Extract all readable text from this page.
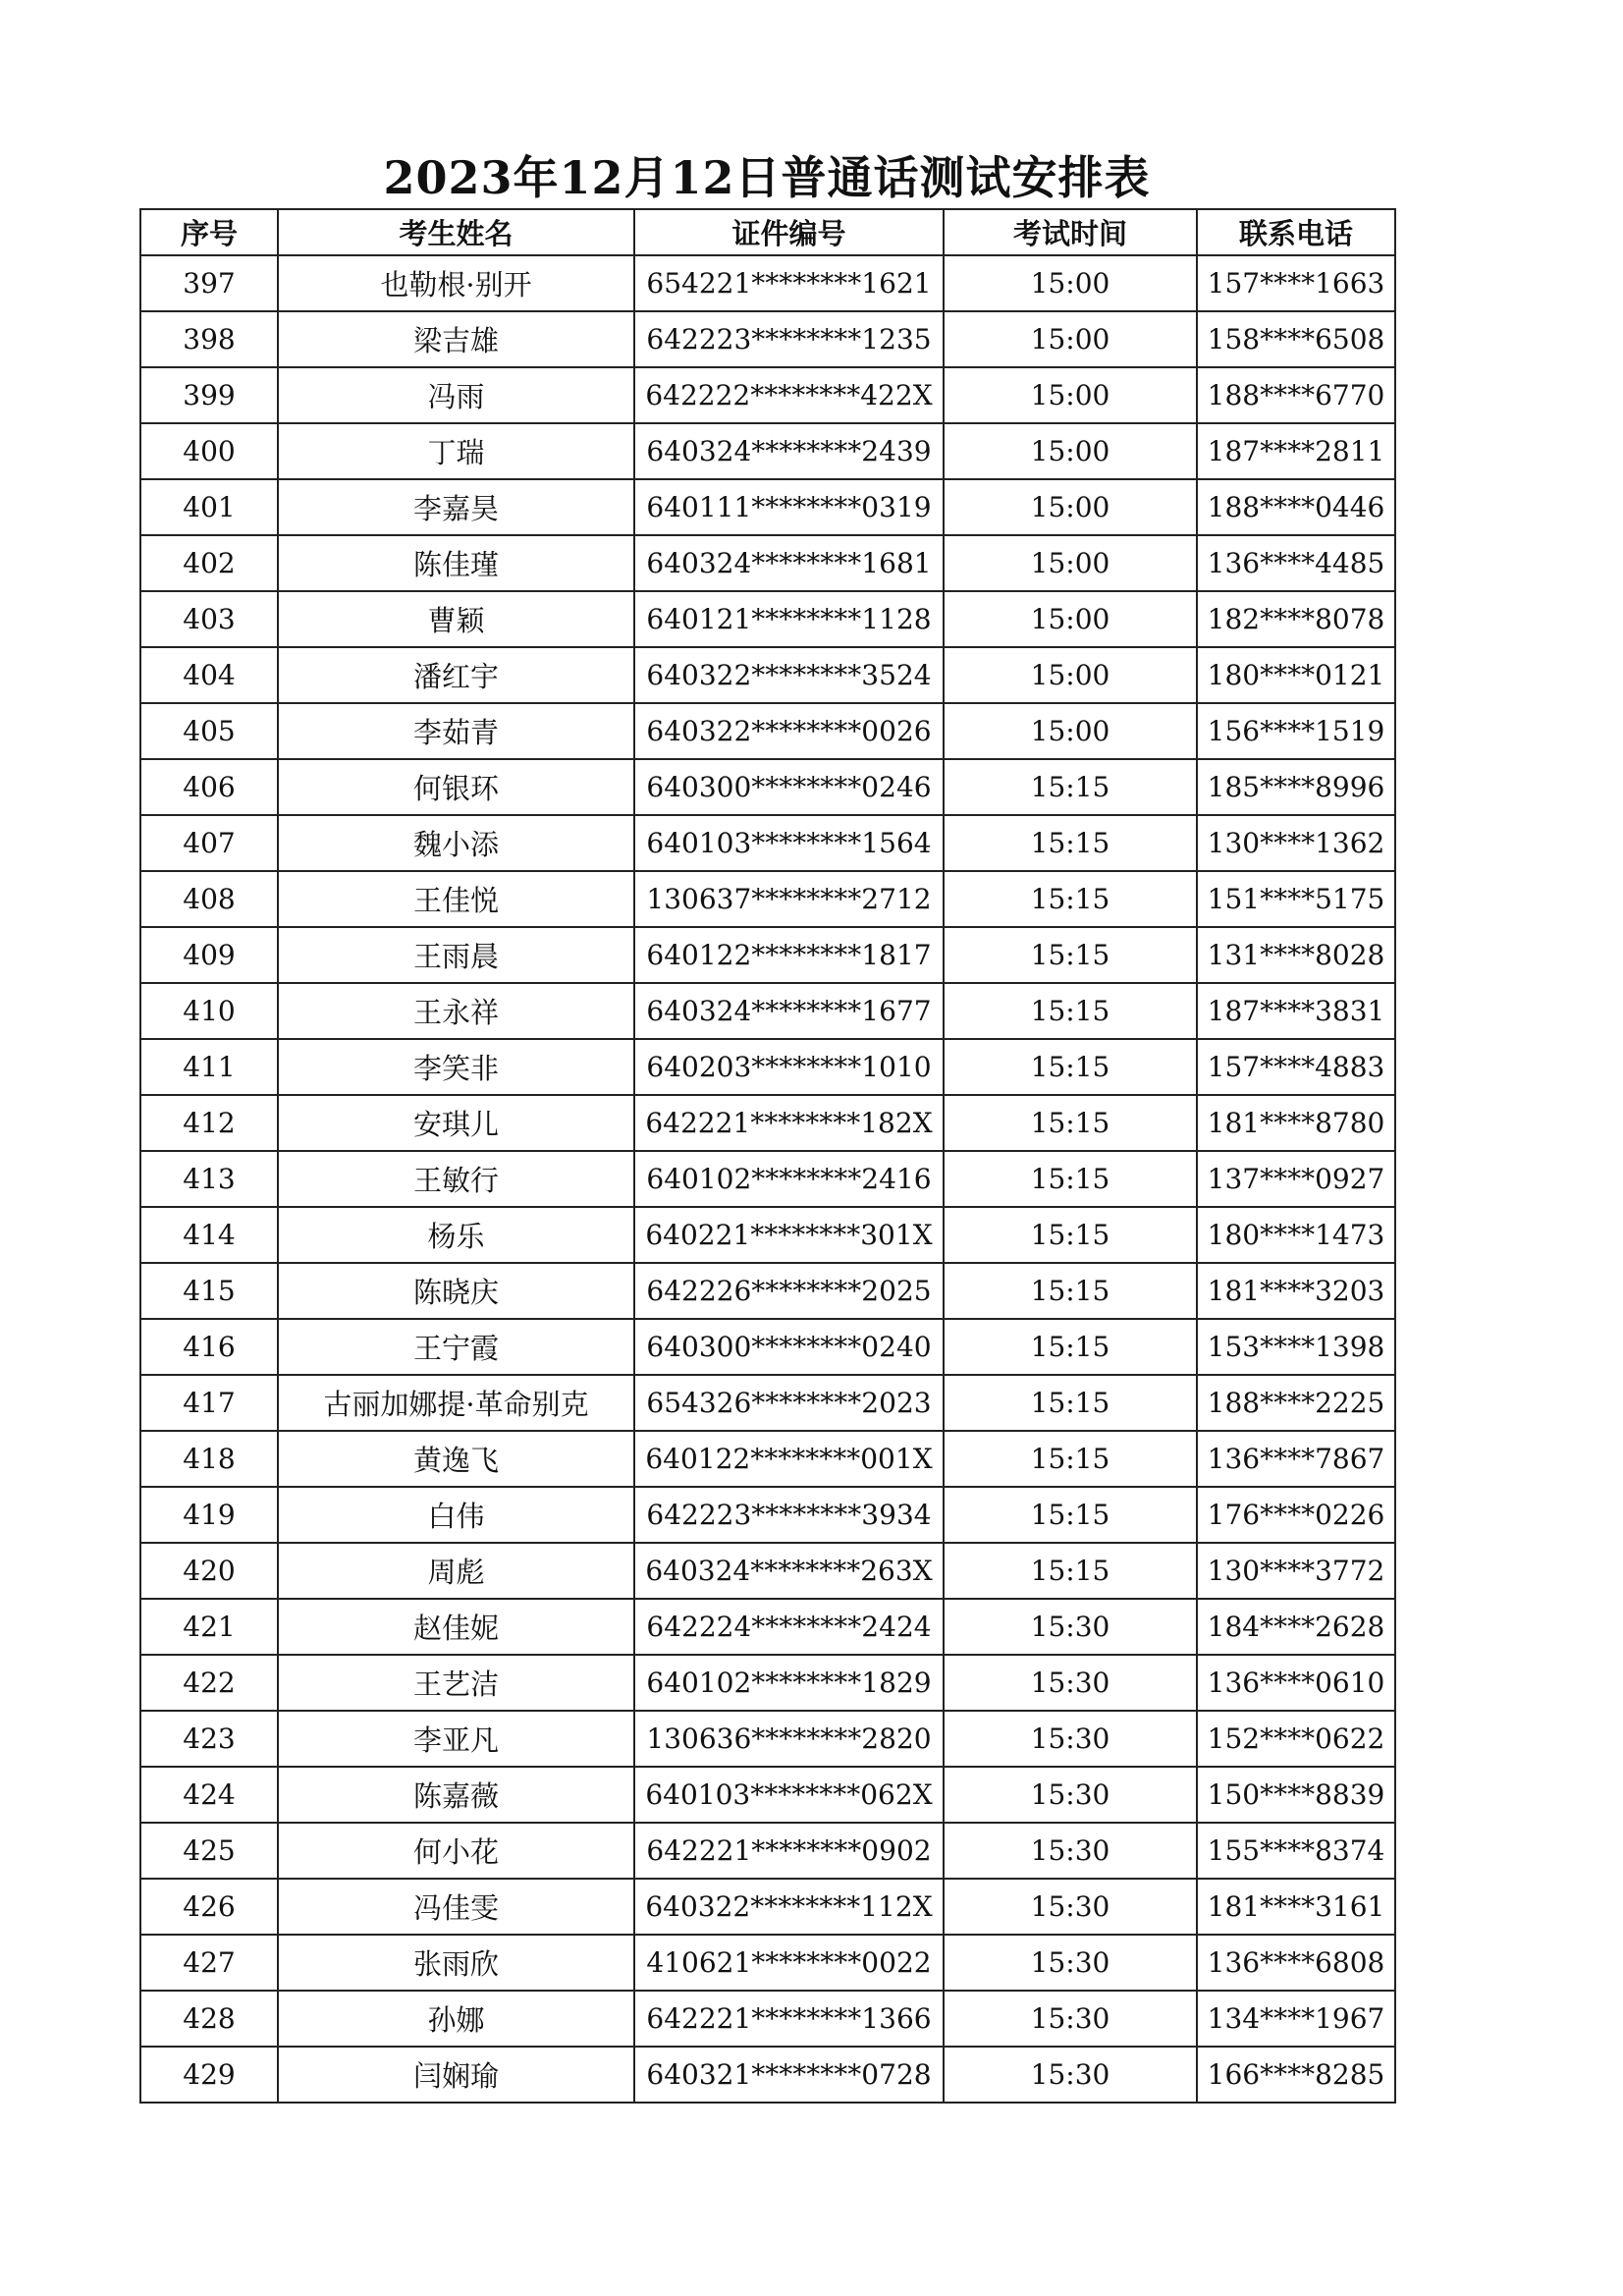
2023年12月12日普通话测试安排表
序号	考生姓名	证件编号	考试时间	联系电话
397	也勒根·别开	654221********1621	15:00	157****1663
398	梁吉雄	642223********1235	15:00	158****6508
399	冯雨	642222********422X	15:00	188****6770
400	丁瑞	640324********2439	15:00	187****2811
401	李嘉昊	640111********0319	15:00	188****0446
402	陈佳瑾	640324********1681	15:00	136****4485
403	曹颖	640121********1128	15:00	182****8078
404	潘红宇	640322********3524	15:00	180****0121
405	李茹青	640322********0026	15:00	156****1519
406	何银环	640300********0246	15:15	185****8996
407	魏小添	640103********1564	15:15	130****1362
408	王佳悦	130637********2712	15:15	151****5175
409	王雨晨	640122********1817	15:15	131****8028
410	王永祥	640324********1677	15:15	187****3831
411	李笑非	640203********1010	15:15	157****4883
412	安琪儿	642221********182X	15:15	181****8780
413	王敏行	640102********2416	15:15	137****0927
414	杨乐	640221********301X	15:15	180****1473
415	陈晓庆	642226********2025	15:15	181****3203
416	王宁霞	640300********0240	15:15	153****1398
417	古丽加娜提·革命别克	654326********2023	15:15	188****2225
418	黄逸飞	640122********001X	15:15	136****7867
419	白伟	642223********3934	15:15	176****0226
420	周彪	640324********263X	15:15	130****3772
421	赵佳妮	642224********2424	15:30	184****2628
422	王艺洁	640102********1829	15:30	136****0610
423	李亚凡	130636********2820	15:30	152****0622
424	陈嘉薇	640103********062X	15:30	150****8839
425	何小花	642221********0902	15:30	155****8374
426	冯佳雯	640322********112X	15:30	181****3161
427	张雨欣	410621********0022	15:30	136****6808
428	孙娜	642221********1366	15:30	134****1967
429	闫娴瑜	640321********0728	15:30	166****8285
